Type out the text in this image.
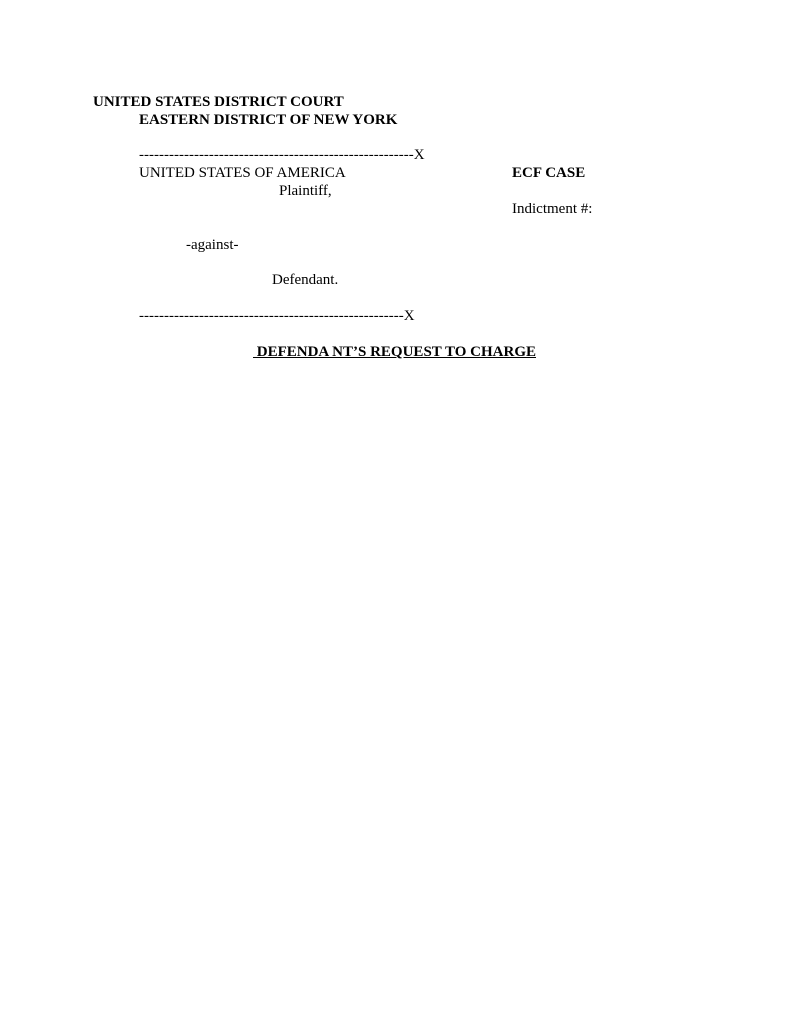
UNITED STATES DISTRICT COURT
EASTERN DISTRICT OF NEW YORK
-------------------------------------------------------X
UNITED STATES OF AMERICA	ECF CASE
Plaintiff,
Indictment #:
-against-
Defendant.
-----------------------------------------------------X
DEFENDA NT’S REQUEST TO CHARGE
